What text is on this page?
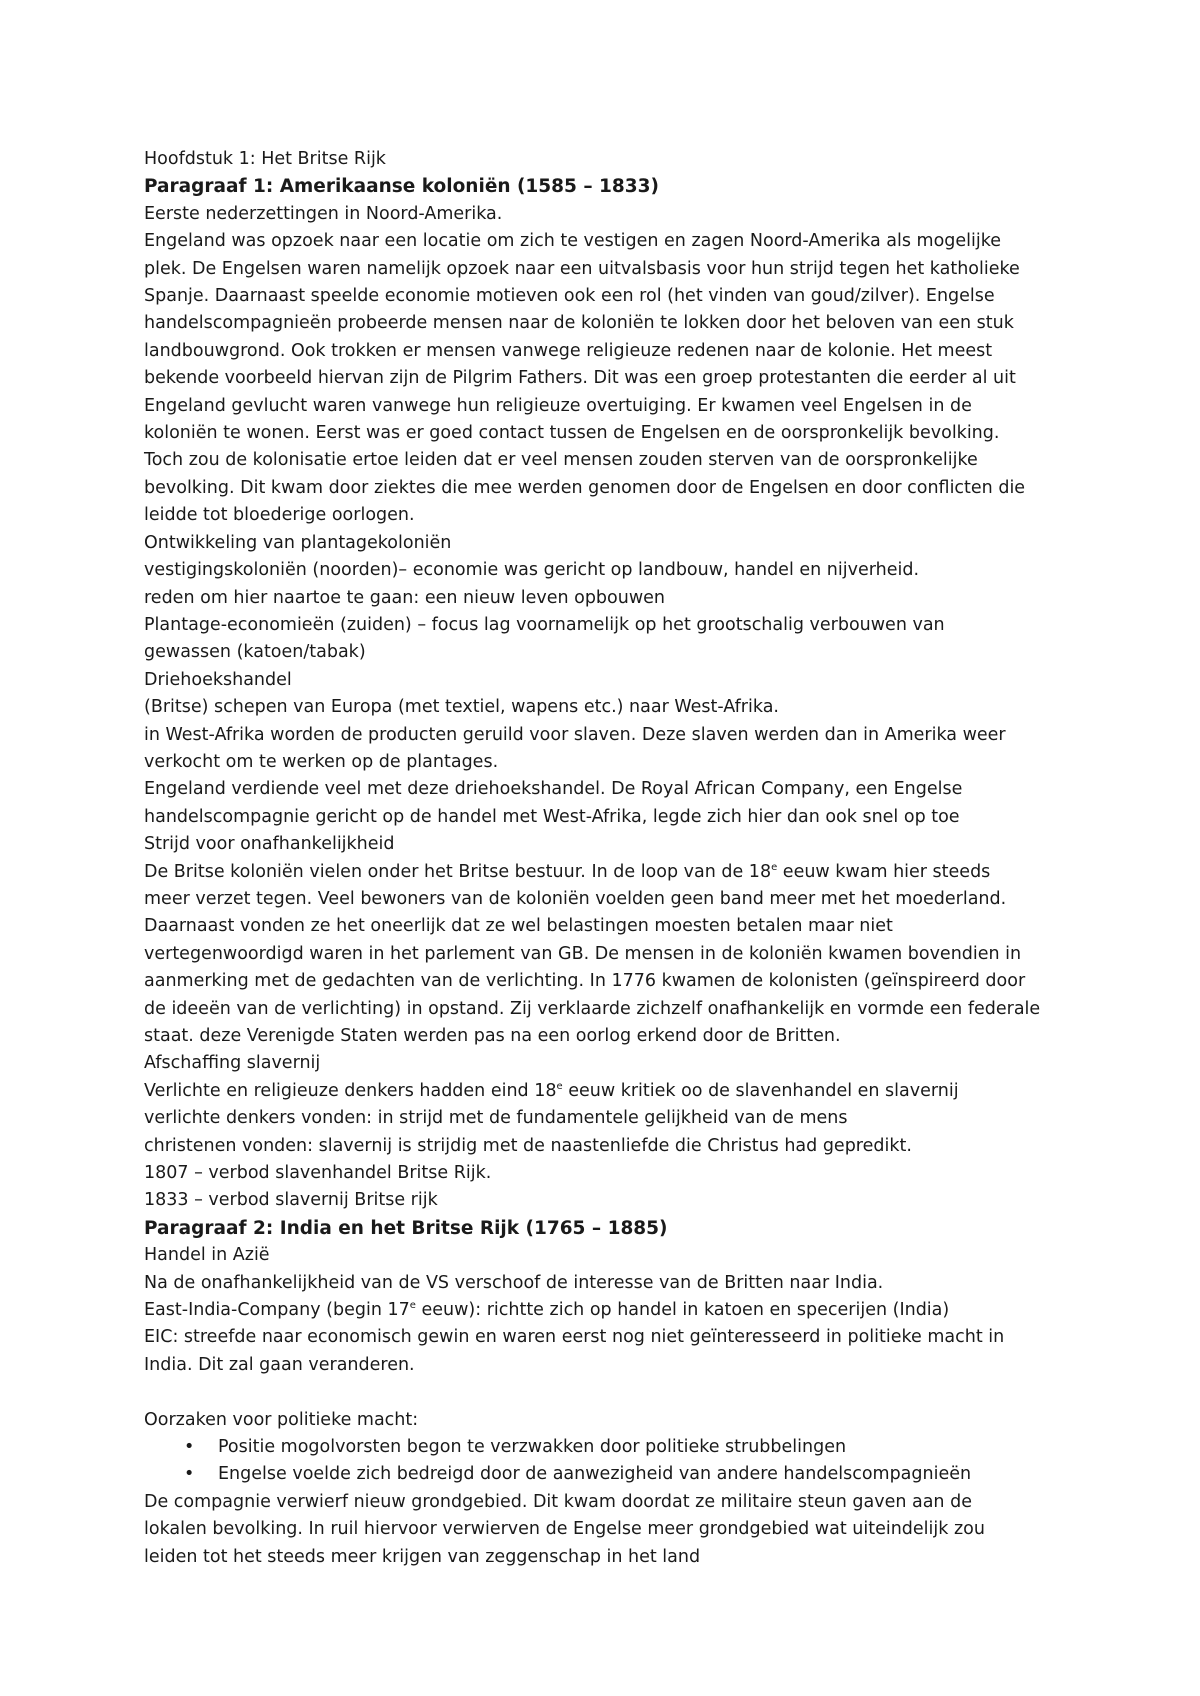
Hoofdstuk 1: Het Britse Rijk

Paragraaf 1: Amerikaanse koloniën (1585 – 1833)

Eerste nederzettingen in Noord-Amerika.

Engeland was opzoek naar een locatie om zich te vestigen en zagen Noord-Amerika als mogelijke

plek. De Engelsen waren namelijk opzoek naar een uitvalsbasis voor hun strijd tegen het katholieke

Spanje. Daarnaast speelde economie motieven ook een rol (het vinden van goud/zilver). Engelse

handelscompagnieën probeerde mensen naar de koloniën te lokken door het beloven van een stuk

landbouwgrond. Ook trokken er mensen vanwege religieuze redenen naar de kolonie. Het meest

bekende voorbeeld hiervan zijn de Pilgrim Fathers. Dit was een groep protestanten die eerder al uit

Engeland gevlucht waren vanwege hun religieuze overtuiging. Er kwamen veel Engelsen in de

koloniën te wonen. Eerst was er goed contact tussen de Engelsen en de oorspronkelijk bevolking.

Toch zou de kolonisatie ertoe leiden dat er veel mensen zouden sterven van de oorspronkelijke

bevolking. Dit kwam door ziektes die mee werden genomen door de Engelsen en door conflicten die

leidde tot bloederige oorlogen.

Ontwikkeling van plantagekoloniën

vestigingskoloniën (noorden)– economie was gericht op landbouw, handel en nijverheid.

reden om hier naartoe te gaan: een nieuw leven opbouwen

Plantage-economieën (zuiden) – focus lag voornamelijk op het grootschalig verbouwen van

gewassen (katoen/tabak)

Driehoekshandel

(Britse) schepen van Europa (met textiel, wapens etc.) naar West-Afrika.

in West-Afrika worden de producten geruild voor slaven. Deze slaven werden dan in Amerika weer

verkocht om te werken op de plantages.

Engeland verdiende veel met deze driehoekshandel. De Royal African Company, een Engelse

handelscompagnie gericht op de handel met West-Afrika, legde zich hier dan ook snel op toe

Strijd voor onafhankelijkheid

De Britse koloniën vielen onder het Britse bestuur. In de loop van de 18e eeuw kwam hier steeds

meer verzet tegen. Veel bewoners van de koloniën voelden geen band meer met het moederland.

Daarnaast vonden ze het oneerlijk dat ze wel belastingen moesten betalen maar niet

vertegenwoordigd waren in het parlement van GB. De mensen in de koloniën kwamen bovendien in

aanmerking met de gedachten van de verlichting. In 1776 kwamen de kolonisten (geïnspireerd door

de ideeën van de verlichting) in opstand. Zij verklaarde zichzelf onafhankelijk en vormde een federale

staat. deze Verenigde Staten werden pas na een oorlog erkend door de Britten.

Afschaffing slavernij

Verlichte en religieuze denkers hadden eind 18e eeuw kritiek oo de slavenhandel en slavernij

verlichte denkers vonden: in strijd met de fundamentele gelijkheid van de mens

christenen vonden: slavernij is strijdig met de naastenliefde die Christus had gepredikt.

1807 – verbod slavenhandel Britse Rijk.

1833 – verbod slavernij Britse rijk

Paragraaf 2: India en het Britse Rijk (1765 – 1885)

Handel in Azië

Na de onafhankelijkheid van de VS verschoof de interesse van de Britten naar India.

East-India-Company (begin 17e eeuw): richtte zich op handel in katoen en specerijen (India)

EIC: streefde naar economisch gewin en waren eerst nog niet geïnteresseerd in politieke macht in

India. Dit zal gaan veranderen.

Oorzaken voor politieke macht:

• Positie mogolvorsten begon te verzwakken door politieke strubbelingen

• Engelse voelde zich bedreigd door de aanwezigheid van andere handelscompagnieën

De compagnie verwierf nieuw grondgebied. Dit kwam doordat ze militaire steun gaven aan de

lokalen bevolking. In ruil hiervoor verwierven de Engelse meer grondgebied wat uiteindelijk zou

leiden tot het steeds meer krijgen van zeggenschap in het land
